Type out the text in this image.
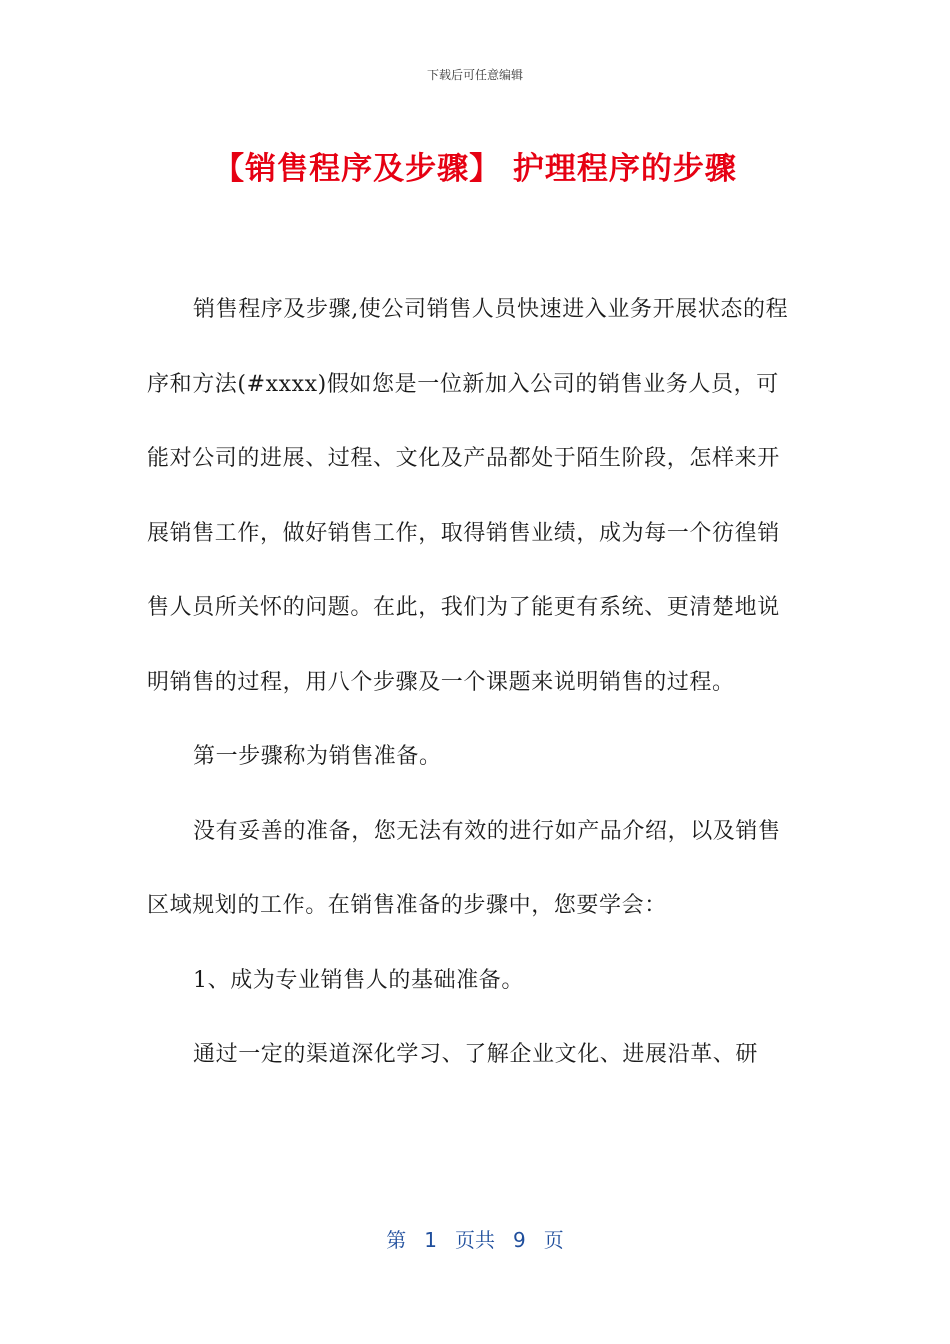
下载后可任意编辑
【销售程序及步骤】 护理程序的步骤

销售程序及步骤,使公司销售人员快速进入业务开展状态的程序和方法(#xxxx)假如您是一位新加入公司的销售业务人员，可能对公司的进展、过程、文化及产品都处于陌生阶段，怎样来开展销售工作，做好销售工作，取得销售业绩，成为每一个彷徨销售人员所关怀的问题。在此，我们为了能更有系统、更清楚地说明销售的过程，用八个步骤及一个课题来说明销售的过程。

第一步骤称为销售准备。

没有妥善的准备，您无法有效的进行如产品介绍，以及销售区域规划的工作。在销售准备的步骤中，您要学会：

1、成为专业销售人的基础准备。

通过一定的渠道深化学习、了解企业文化、进展沿革、研

第 1 页共 9 页
